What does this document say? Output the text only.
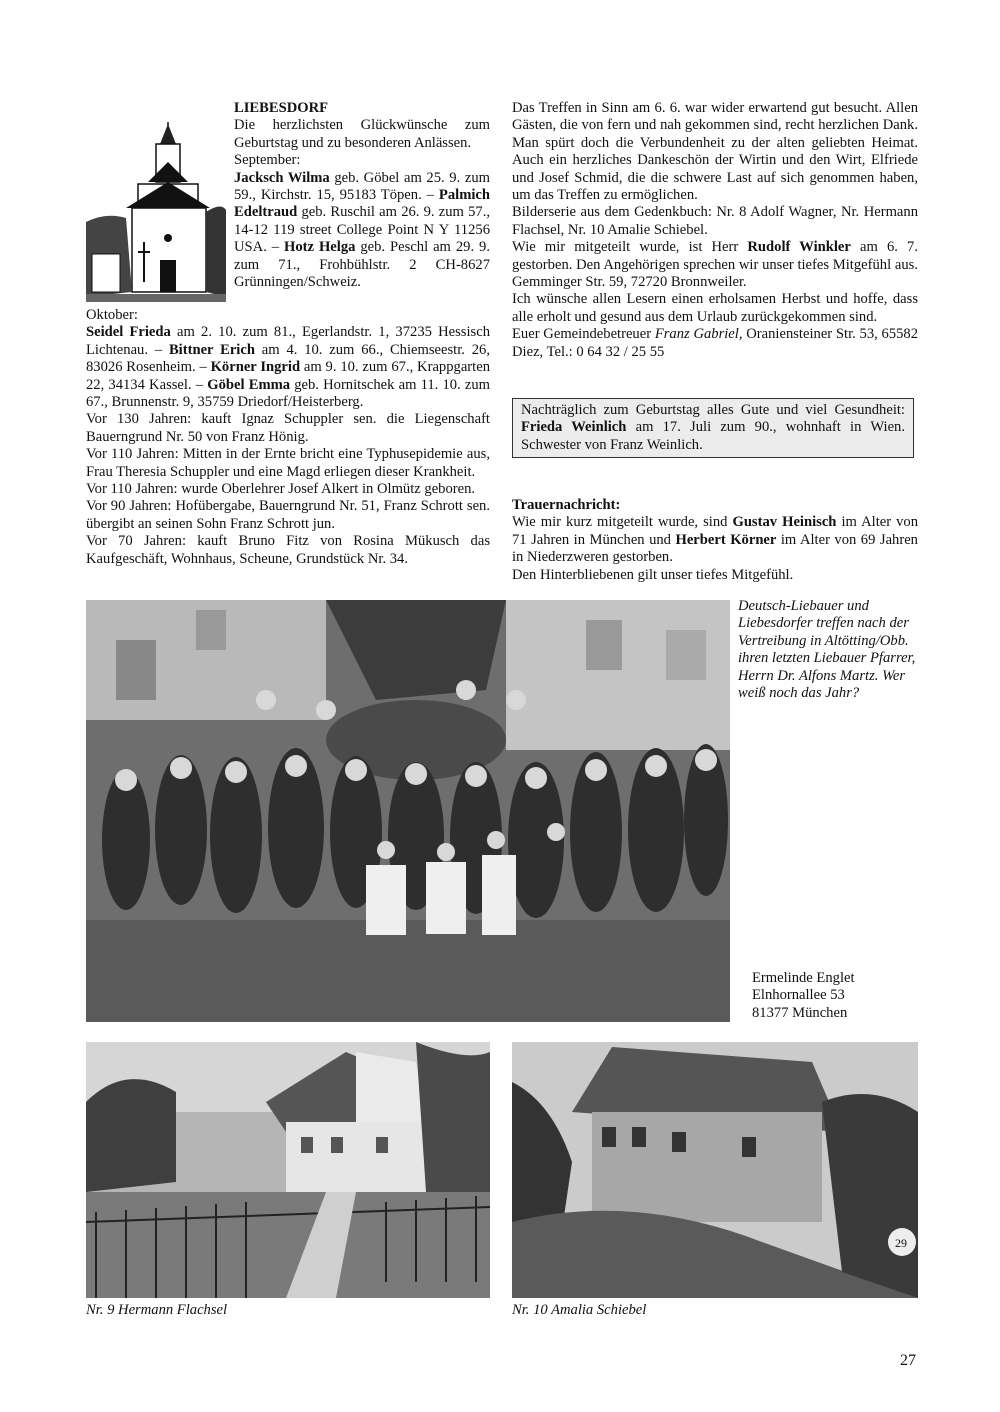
LIEBESDORF

Die herzlichsten Glückwünsche zum Geburtstag und zu besonderen Anlässen.

September:

Jacksch Wilma geb. Göbel am 25. 9. zum 59., Kirchstr. 15, 95183 Töpen. – Palmich Edeltraud geb. Ruschil am 26. 9. zum 57., 14-12 119 street College Point N Y 11256 USA. – Hotz Helga geb. Peschl am 29. 9. zum 71., Frohbühlstr. 2 CH-8627 Grünningen/Schweiz.

Oktober:

Seidel Frieda am 2. 10. zum 81., Egerlandstr. 1, 37235 Hessisch Lichtenau. – Bittner Erich am 4. 10. zum 66., Chiemseestr. 26, 83026 Rosenheim. – Körner Ingrid am 9. 10. zum 67., Krappgarten 22, 34134 Kassel. – Göbel Emma geb. Hornitschek am 11. 10. zum 67., Brunnenstr. 9, 35759 Driedorf/Heisterberg.

Vor 130 Jahren: kauft Ignaz Schuppler sen. die Liegenschaft Bauerngrund Nr. 50 von Franz Hönig.

Vor 110 Jahren: Mitten in der Ernte bricht eine Typhusepidemie aus, Frau Theresia Schuppler und eine Magd erliegen dieser Krankheit.

Vor 110 Jahren: wurde Oberlehrer Josef Alkert in Olmütz geboren.

Vor 90 Jahren: Hofübergabe, Bauerngrund Nr. 51, Franz Schrott sen. übergibt an seinen Sohn Franz Schrott jun.

Vor 70 Jahren: kauft Bruno Fitz von Rosina Mükusch das Kaufgeschäft, Wohnhaus, Scheune, Grundstück Nr. 34.

Das Treffen in Sinn am 6. 6. war wider erwartend gut besucht. Allen Gästen, die von fern und nah gekommen sind, recht herzlichen Dank. Man spürt doch die Verbundenheit zu der alten geliebten Heimat. Auch ein herzliches Dankeschön der Wirtin und den Wirt, Elfriede und Josef Schmid, die die schwere Last auf sich genommen haben, um das Treffen zu ermöglichen.

Bilderserie aus dem Gedenkbuch: Nr. 8 Adolf Wagner, Nr. Hermann Flachsel, Nr. 10 Amalie Schiebel.

Wie mir mitgeteilt wurde, ist Herr Rudolf Winkler am 6. 7. gestorben. Den Angehörigen sprechen wir unser tiefes Mitgefühl aus. Gemminger Str. 59, 72720 Bronnweiler.

Ich wünsche allen Lesern einen erholsamen Herbst und hoffe, dass alle erholt und gesund aus dem Urlaub zurückgekommen sind.

Euer Gemeindebetreuer Franz Gabriel, Oraniensteiner Str. 53, 65582 Diez, Tel.: 0 64 32 / 25 55

Nachträglich zum Geburtstag alles Gute und viel Gesundheit: Frieda Weinlich am 17. Juli zum 90., wohnhaft in Wien. Schwester von Franz Weinlich.

Trauernachricht:

Wie mir kurz mitgeteilt wurde, sind Gustav Heinisch im Alter von 71 Jahren in München und Herbert Körner im Alter von 69 Jahren in Niederzweren gestorben.

Den Hinterbliebenen gilt unser tiefes Mitgefühl.

Deutsch-Liebauer und Liebesdorfer treffen nach der Vertreibung in Altötting/Obb. ihren letzten Liebauer Pfarrer, Herrn Dr. Alfons Martz. Wer weiß noch das Jahr?
Ermelinde Englet
Elnhornallee 53
81377 München
Nr. 9 Hermann Flachsel
29
Nr. 10 Amalia Schiebel
27
